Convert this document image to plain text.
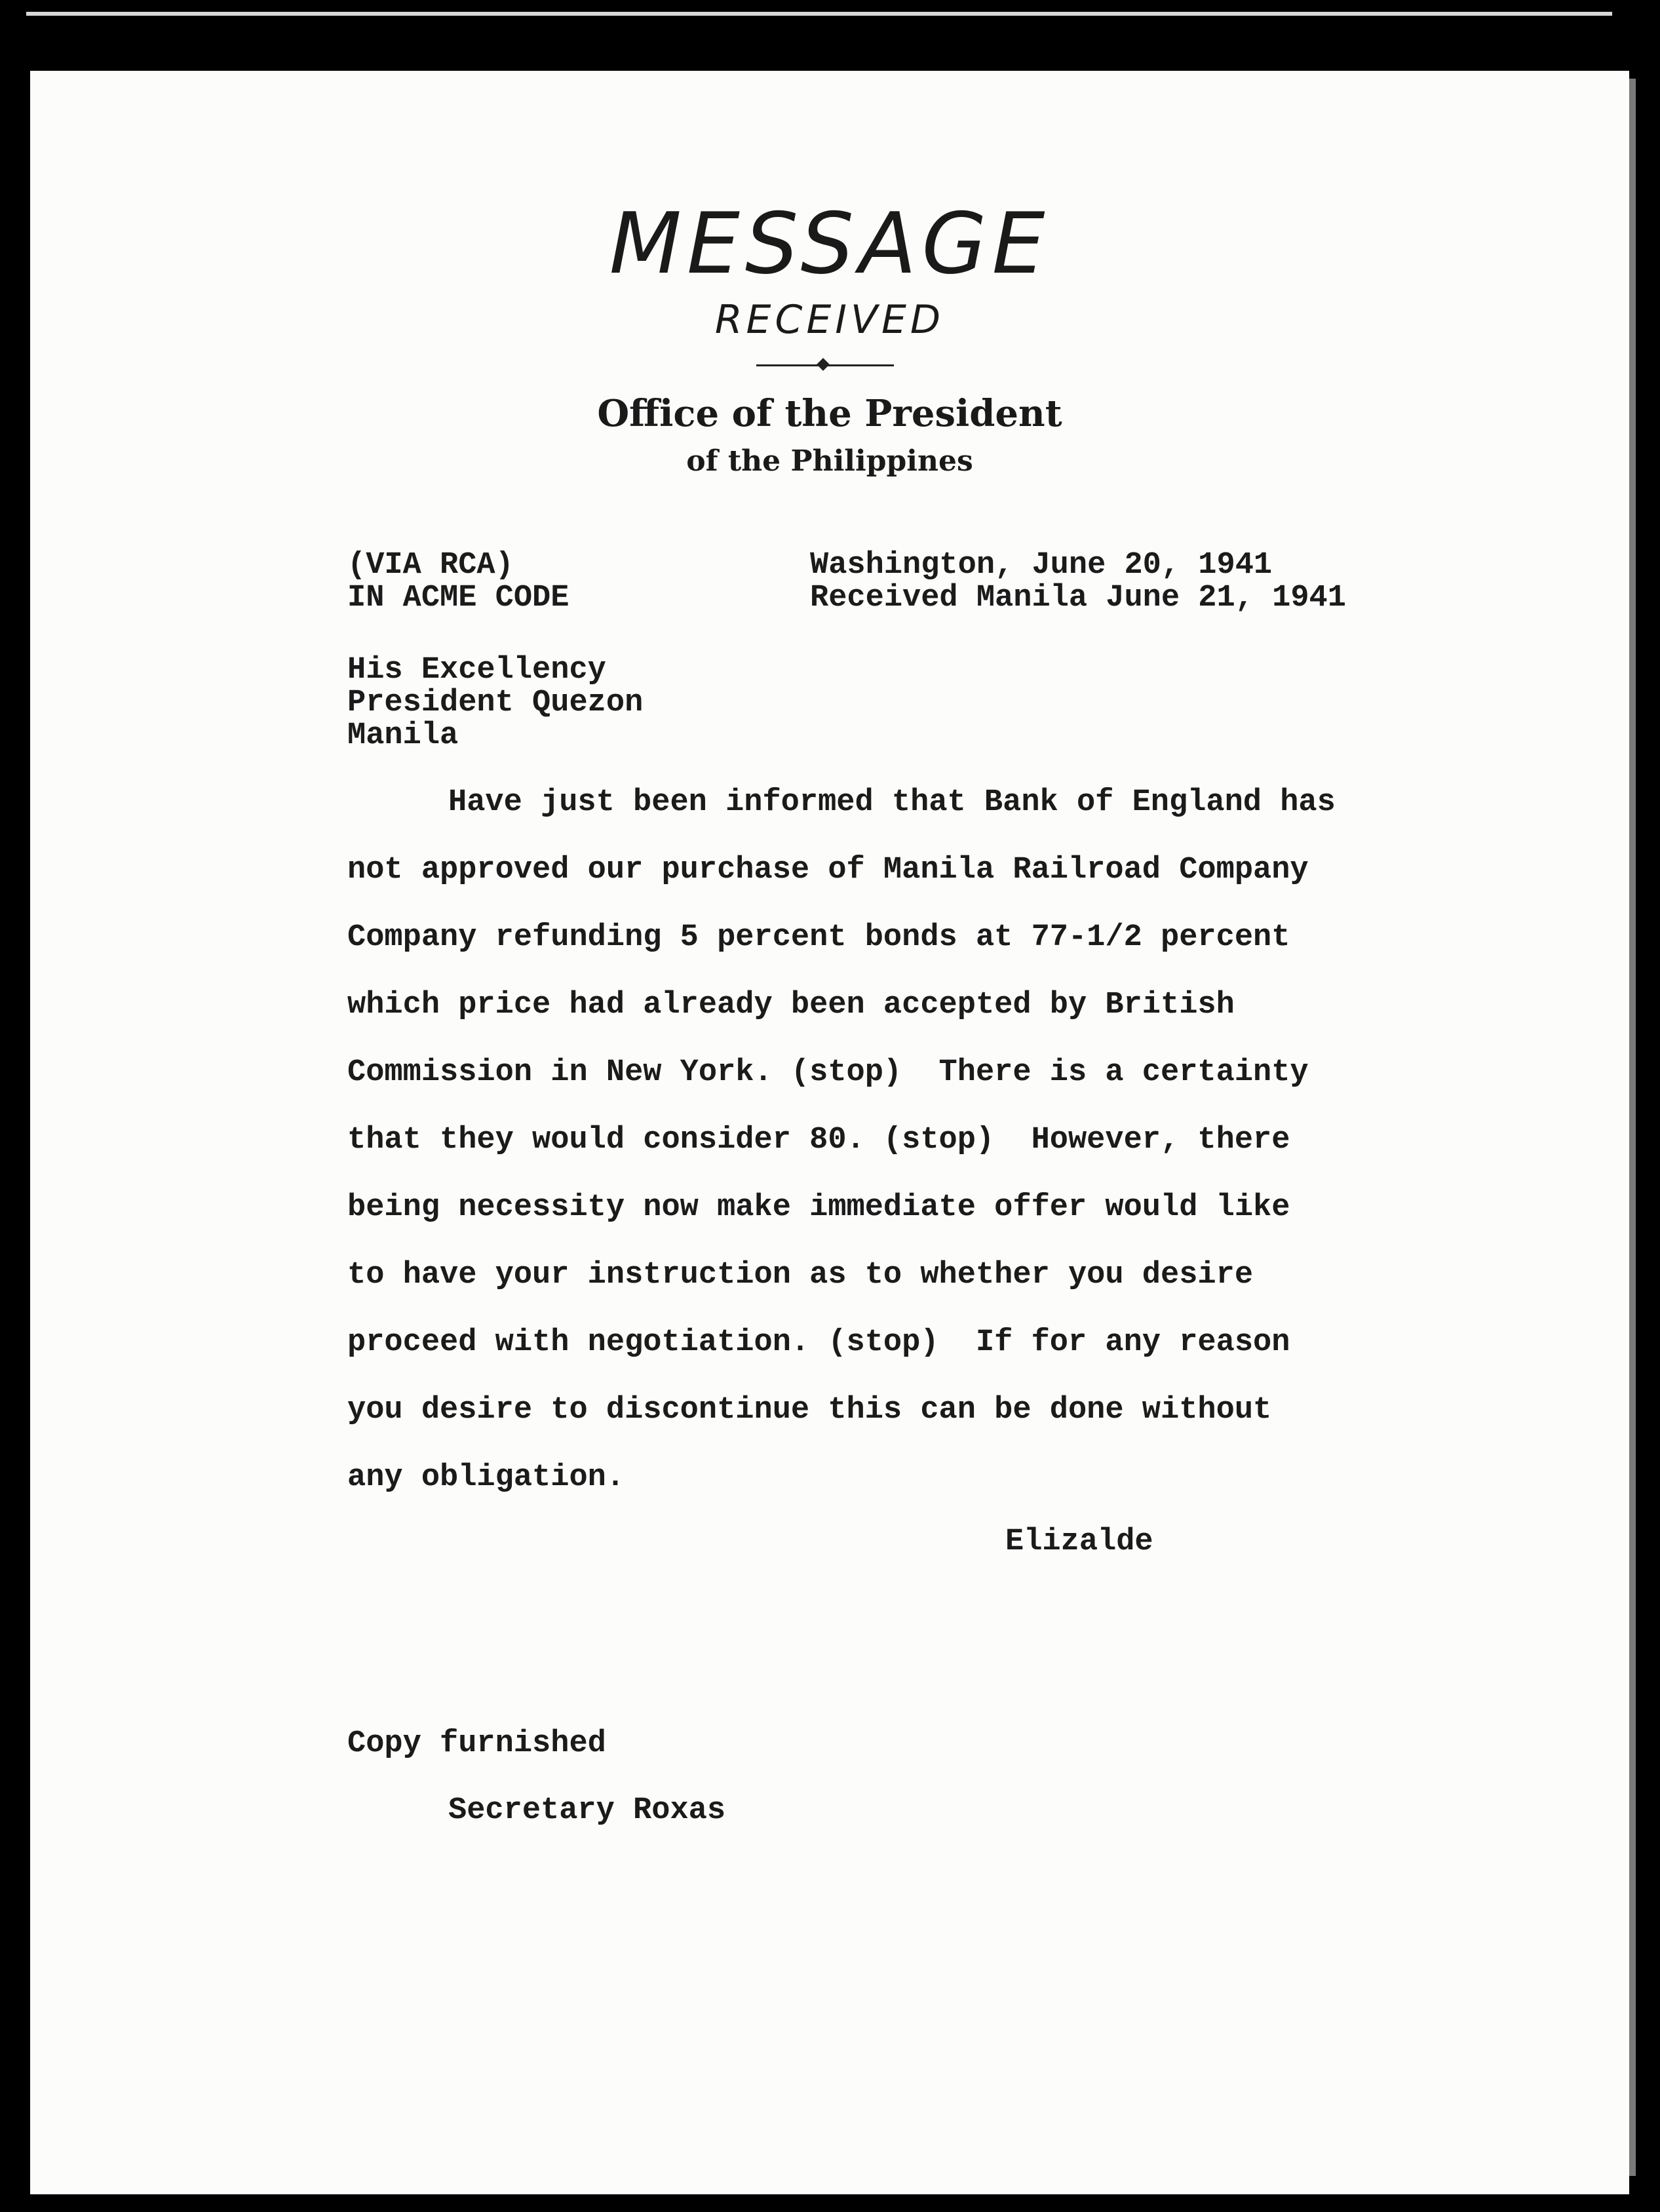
MESSAGE
RECEIVED
Office of the President
of the Philippines
(VIA RCA)
IN ACME CODE
Washington, June 20, 1941
Received Manila June 21, 1941
His Excellency
President Quezon
Manila
Have just been informed that Bank of England has
not approved our purchase of Manila Railroad Company
Company refunding 5 percent bonds at 77-1/2 percent
which price had already been accepted by British
Commission in New York. (stop)  There is a certainty
that they would consider 80. (stop)  However, there
being necessity now make immediate offer would like
to have your instruction as to whether you desire
proceed with negotiation. (stop)  If for any reason
you desire to discontinue this can be done without
any obligation.
Elizalde
Copy furnished
Secretary Roxas
